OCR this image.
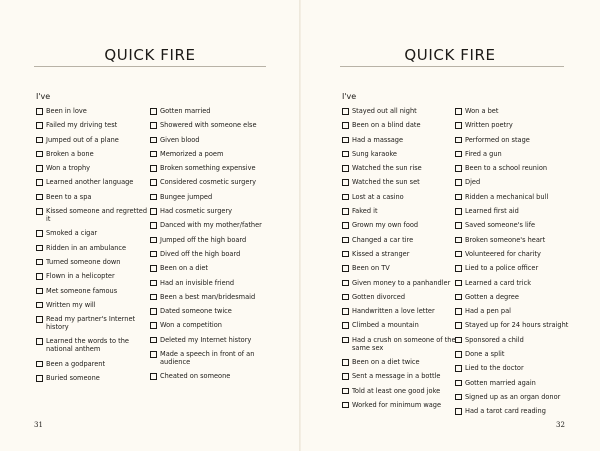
QUICK FIRE
I've
Been in love
Failed my driving test
Jumped out of a plane
Broken a bone
Won a trophy
Learned another language
Been to a spa
Kissed someone and regretted it
Smoked a cigar
Ridden in an ambulance
Turned someone down
Flown in a helicopter
Met someone famous
Written my will
Read my partner's Internet history
Learned the words to the national anthem
Been a godparent
Buried someone
Gotten married
Showered with someone else
Given blood
Memorized a poem
Broken something expensive
Considered cosmetic surgery
Bungee jumped
Had cosmetic surgery
Danced with my mother/father
Jumped off the high board
Dived off the high board
Been on a diet
Had an invisible friend
Been a best man/bridesmaid
Dated someone twice
Won a competition
Deleted my Internet history
Made a speech in front of an audience
Cheated on someone
31
QUICK FIRE
I've
Stayed out all night
Been on a blind date
Had a massage
Sung karaoke
Watched the sun rise
Watched the sun set
Lost at a casino
Faked it
Grown my own food
Changed a car tire
Kissed a stranger
Been on TV
Given money to a panhandler
Gotten divorced
Handwritten a love letter
Climbed a mountain
Had a crush on someone of the same sex
Been on a diet twice
Sent a message in a bottle
Told at least one good joke
Worked for minimum wage
Won a bet
Written poetry
Performed on stage
Fired a gun
Been to a school reunion
Djed
Ridden a mechanical bull
Learned first aid
Saved someone's life
Broken someone's heart
Volunteered for charity
Lied to a police officer
Learned a card trick
Gotten a degree
Had a pen pal
Stayed up for 24 hours straight
Sponsored a child
Done a split
Lied to the doctor
Gotten married again
Signed up as an organ donor
Had a tarot card reading
32
